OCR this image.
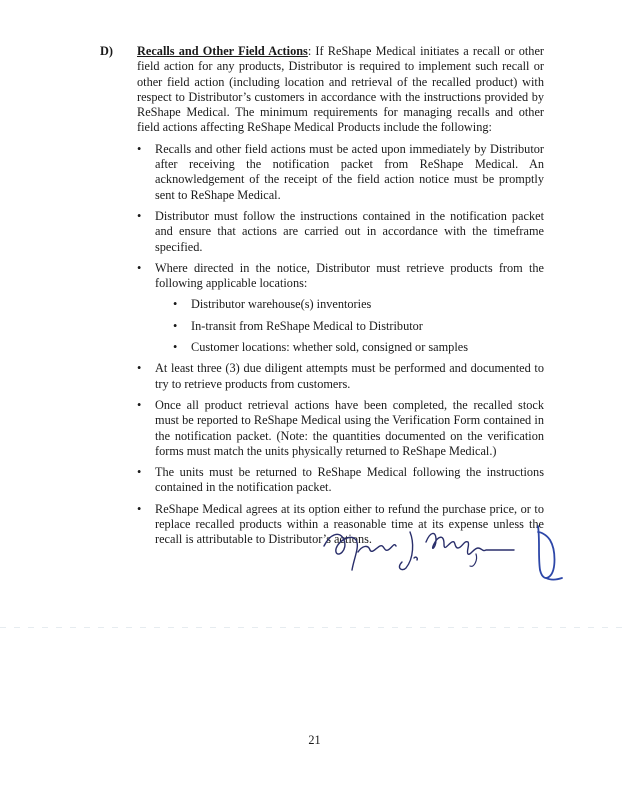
D) Recalls and Other Field Actions: If ReShape Medical initiates a recall or other field action for any products, Distributor is required to implement such recall or other field action (including location and retrieval of the recalled product) with respect to Distributor’s customers in accordance with the instructions provided by ReShape Medical. The minimum requirements for managing recalls and other field actions affecting ReShape Medical Products include the following:
• Recalls and other field actions must be acted upon immediately by Distributor after receiving the notification packet from ReShape Medical. An acknowledgement of the receipt of the field action notice must be promptly sent to ReShape Medical.
• Distributor must follow the instructions contained in the notification packet and ensure that actions are carried out in accordance with the timeframe specified.
• Where directed in the notice, Distributor must retrieve products from the following applicable locations:
• Distributor warehouse(s) inventories
• In-transit from ReShape Medical to Distributor
• Customer locations: whether sold, consigned or samples
• At least three (3) due diligent attempts must be performed and documented to try to retrieve products from customers.
• Once all product retrieval actions have been completed, the recalled stock must be reported to ReShape Medical using the Verification Form contained in the notification packet. (Note: the quantities documented on the verification forms must match the units physically returned to ReShape Medical.)
• The units must be returned to ReShape Medical following the instructions contained in the notification packet.
• ReShape Medical agrees at its option either to refund the purchase price, or to replace recalled products within a reasonable time at its expense unless the recall is attributable to Distributor’s actions.
21
